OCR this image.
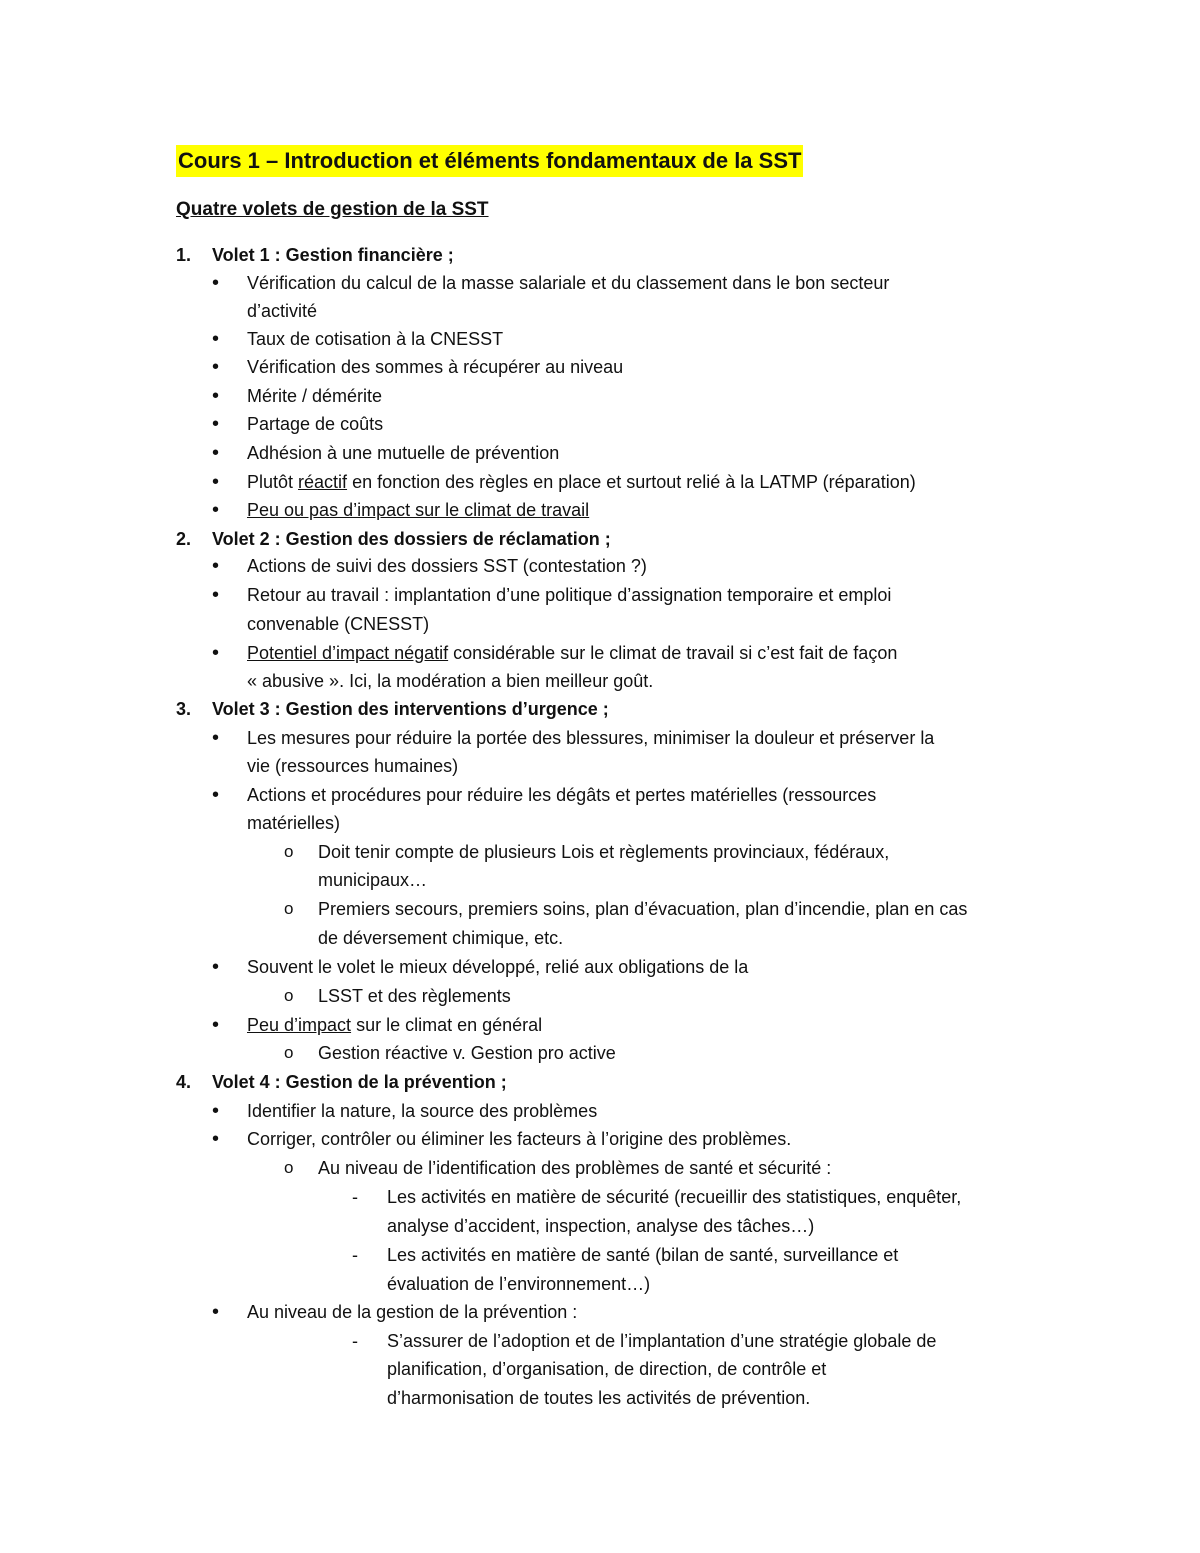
Cours 1 – Introduction et éléments fondamentaux de la SST
Quatre volets de gestion de la SST
1. Volet 1 : Gestion financière ;
• Vérification du calcul de la masse salariale et du classement dans le bon secteur
d’activité
• Taux de cotisation à la CNESST
• Vérification des sommes à récupérer au niveau
• Mérite / démérite
• Partage de coûts
• Adhésion à une mutuelle de prévention
• Plutôt réactif en fonction des règles en place et surtout relié à la LATMP (réparation)
• Peu ou pas d’impact sur le climat de travail
2. Volet 2 : Gestion des dossiers de réclamation ;
• Actions de suivi des dossiers SST (contestation ?)
• Retour au travail : implantation d’une politique d’assignation temporaire et emploi
convenable (CNESST)
• Potentiel d’impact négatif considérable sur le climat de travail si c’est fait de façon
« abusive ». Ici, la modération a bien meilleur goût.
3. Volet 3 : Gestion des interventions d’urgence ;
• Les mesures pour réduire la portée des blessures, minimiser la douleur et préserver la
vie (ressources humaines)
• Actions et procédures pour réduire les dégâts et pertes matérielles (ressources
matérielles)
o Doit tenir compte de plusieurs Lois et règlements provinciaux, fédéraux,
municipaux…
o Premiers secours, premiers soins, plan d’évacuation, plan d’incendie, plan en cas
de déversement chimique, etc.
• Souvent le volet le mieux développé, relié aux obligations de la
o LSST et des règlements
• Peu d’impact sur le climat en général
o Gestion réactive v. Gestion pro active
4. Volet 4 : Gestion de la prévention ;
• Identifier la nature, la source des problèmes
• Corriger, contrôler ou éliminer les facteurs à l’origine des problèmes.
o Au niveau de l’identification des problèmes de santé et sécurité :
- Les activités en matière de sécurité (recueillir des statistiques, enquêter,
analyse d’accident, inspection, analyse des tâches…)
- Les activités en matière de santé (bilan de santé, surveillance et
évaluation de l’environnement…)
• Au niveau de la gestion de la prévention :
- S’assurer de l’adoption et de l’implantation d’une stratégie globale de
planification, d’organisation, de direction, de contrôle et
d’harmonisation de toutes les activités de prévention.
